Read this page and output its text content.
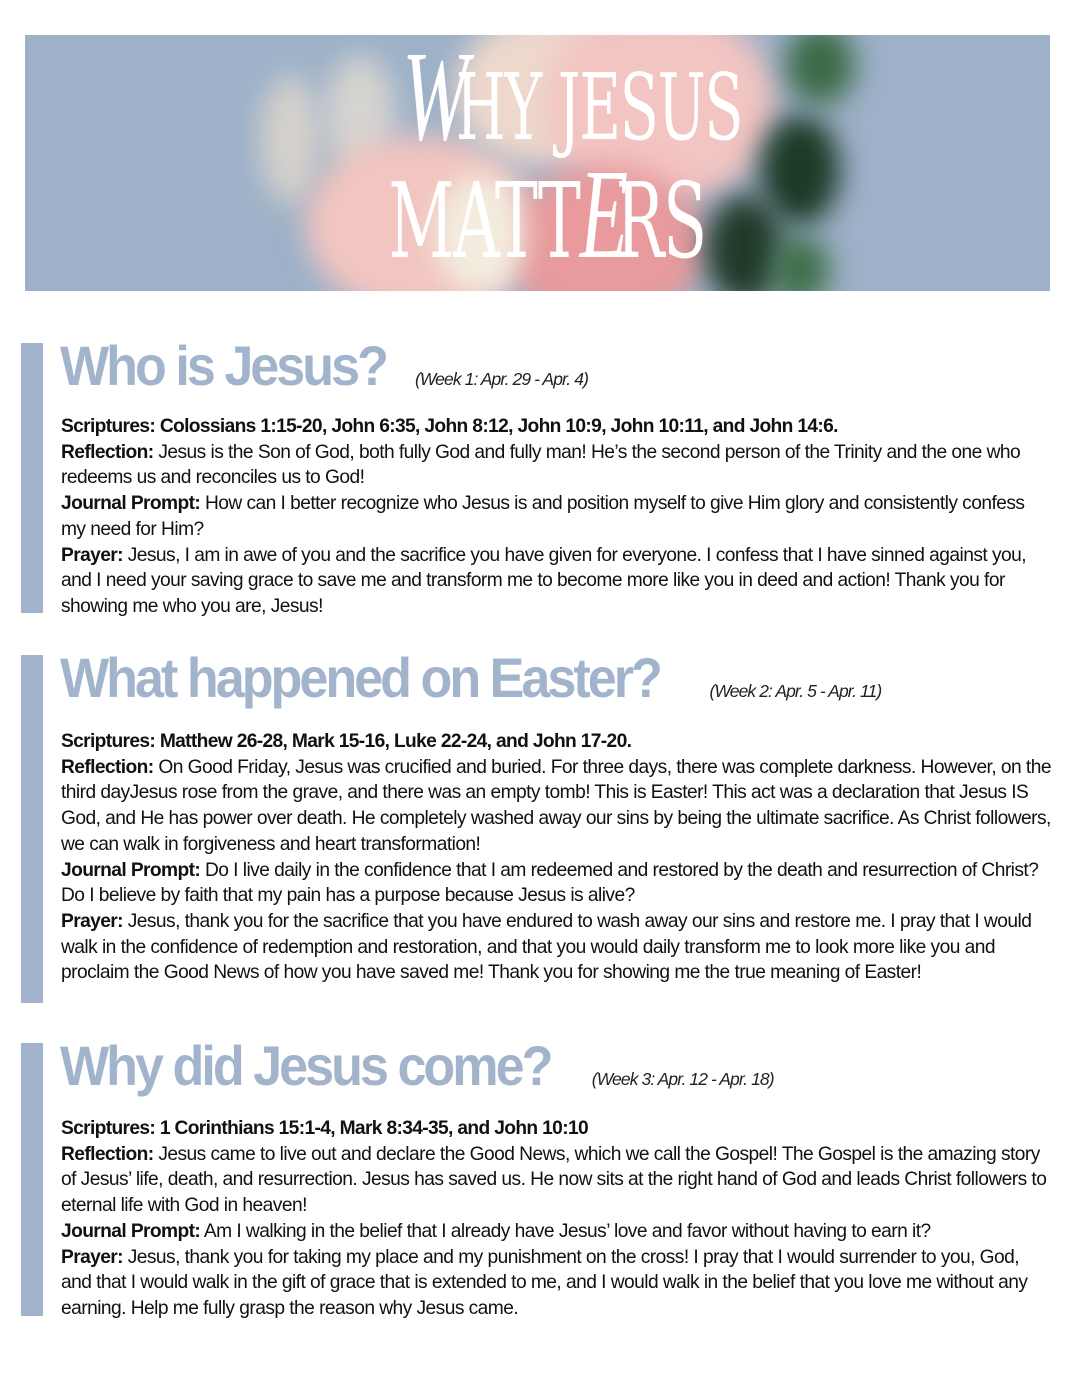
WHY JESUS
MATTERS
Who is Jesus? (Week 1: Apr. 29 - Apr. 4)

Scriptures: Colossians 1:15-20, John 6:35, John 8:12, John 10:9, John 10:11, and John 14:6.

Reflection: Jesus is the Son of God, both fully God and fully man! He’s the second person of the Trinity and the one who redeems us and reconciles us to God!

Journal Prompt: How can I better recognize who Jesus is and position myself to give Him glory and consistently confess my need for Him?

Prayer: Jesus, I am in awe of you and the sacrifice you have given for everyone. I confess that I have sinned against you, and I need your saving grace to save me and transform me to become more like you in deed and action! Thank you for showing me who you are, Jesus!

What happened on Easter?	(Week 2: Apr. 5 - Apr. 11)

Scriptures: Matthew 26-28, Mark 15-16, Luke 22-24, and John 17-20.

Reflection: On Good Friday, Jesus was crucified and buried. For three days, there was complete darkness. However, on the third dayJesus rose from the grave, and there was an empty tomb! This is Easter! This act was a declaration that Jesus IS God, and He has power over death. He completely washed away our sins by being the ultimate sacrifice. As Christ followers, we can walk in forgiveness and heart transformation!

Journal Prompt: Do I live daily in the confidence that I am redeemed and restored by the death and resurrection of Christ? Do I believe by faith that my pain has a purpose because Jesus is alive?

Prayer: Jesus, thank you for the sacrifice that you have endured to wash away our sins and restore me. I pray that I would walk in the confidence of redemption and restoration, and that you would daily transform me to look more like you and proclaim the Good News of how you have saved me! Thank you for showing me the true meaning of Easter!

Why did Jesus come? (Week 3: Apr. 12 - Apr. 18)

Scriptures: 1 Corinthians 15:1-4, Mark 8:34-35, and John 10:10

Reflection: Jesus came to live out and declare the Good News, which we call the Gospel! The Gospel is the amazing story of Jesus’ life, death, and resurrection. Jesus has saved us. He now sits at the right hand of God and leads Christ followers to eternal life with God in heaven!

Journal Prompt: Am I walking in the belief that I already have Jesus’ love and favor without having to earn it?

Prayer: Jesus, thank you for taking my place and my punishment on the cross! I pray that I would surrender to you, God, and that I would walk in the gift of grace that is extended to me, and I would walk in the belief that you love me without any earning. Help me fully grasp the reason why Jesus came.
